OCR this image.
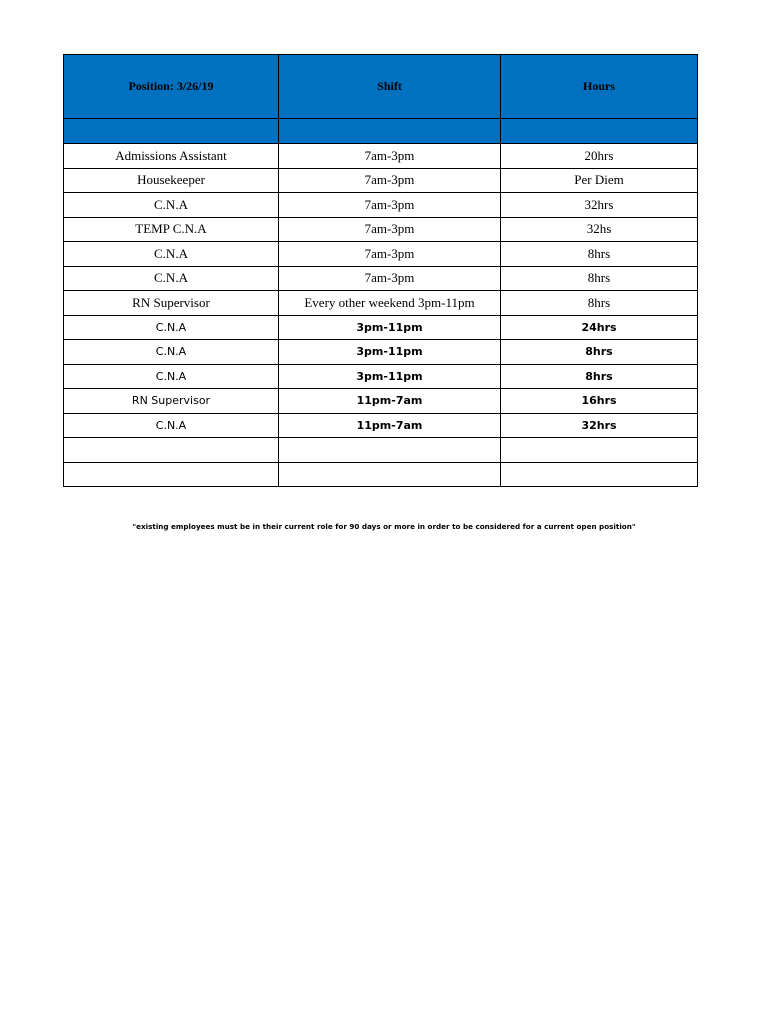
Position: 3/26/19	Shift	Hours

Admissions Assistant	7am-3pm	20hrs
Housekeeper	7am-3pm	Per Diem
C.N.A	7am-3pm	32hrs
TEMP C.N.A	7am-3pm	32hs
C.N.A	7am-3pm	8hrs
C.N.A	7am-3pm	8hrs
RN Supervisor	Every other weekend 3pm-11pm	8hrs
C.N.A	3pm-11pm	24hrs
C.N.A	3pm-11pm	8hrs
C.N.A	3pm-11pm	8hrs
RN Supervisor	11pm-7am	16hrs
C.N.A	11pm-7am	32hrs

"existing employees must be in their current role for 90 days or more in order to be considered for a current open position"
